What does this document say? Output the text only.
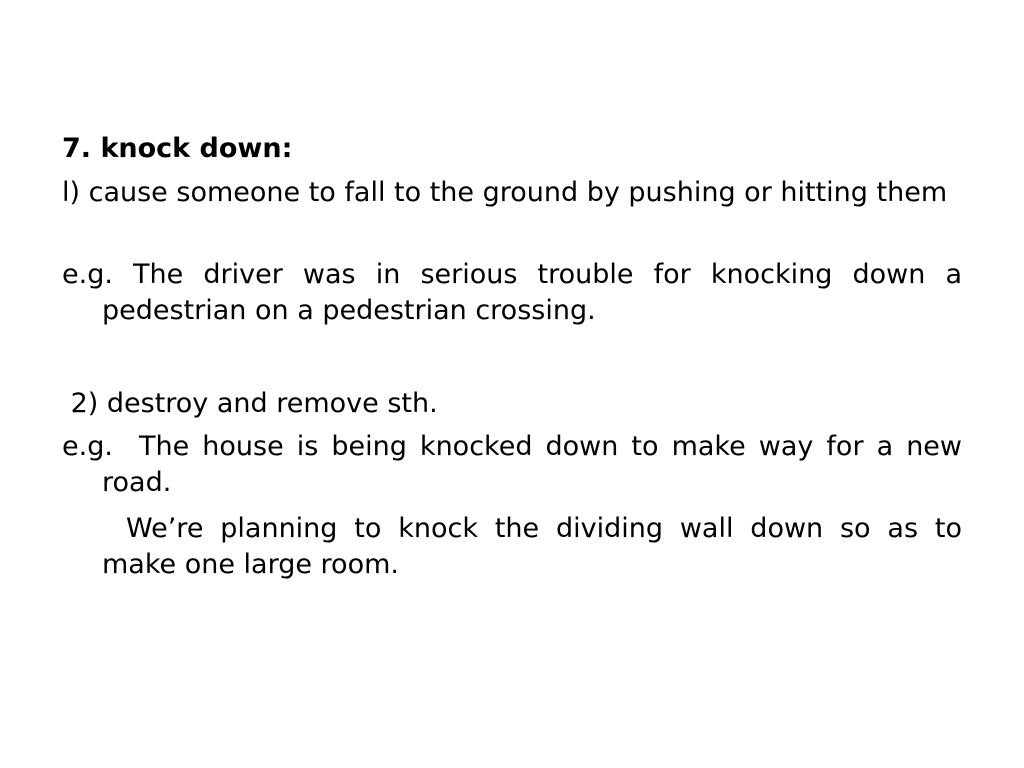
7. knock down:

l) cause someone to fall to the ground by pushing or hitting them

e.g. The driver was in serious trouble for knocking down a pedestrian on a pedestrian crossing.

2) destroy and remove sth.

e.g.  The house is being knocked down to make way for a new road.

We’re planning to knock the dividing wall down so as to make one large room.
